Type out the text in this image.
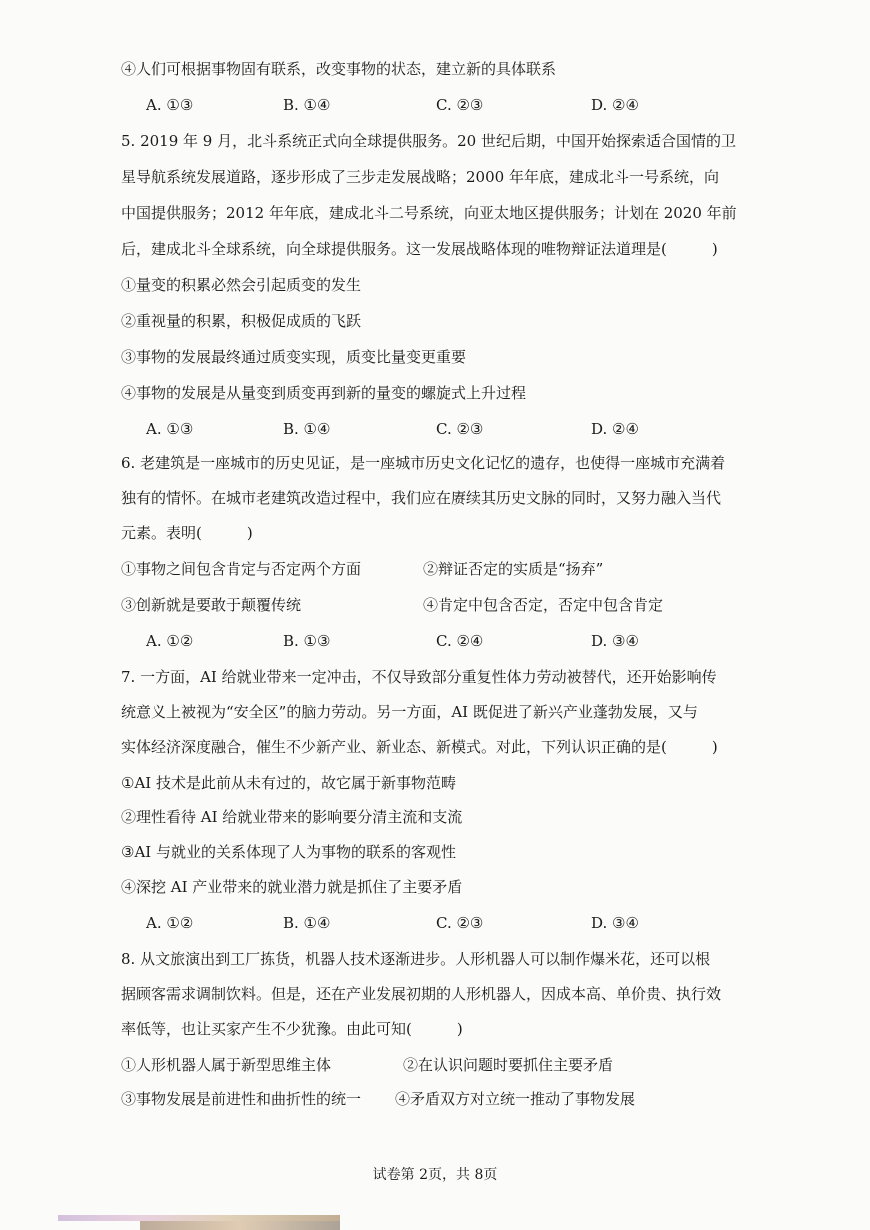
④人们可根据事物固有联系，改变事物的状态，建立新的具体联系
A. ①③	B. ①④	C. ②③	D. ②④
5. 2019 年 9 月，北斗系统正式向全球提供服务。20 世纪后期，中国开始探索适合国情的卫
星导航系统发展道路，逐步形成了三步走发展战略；2000 年年底，建成北斗一号系统，向
中国提供服务；2012 年年底，建成北斗二号系统，向亚太地区提供服务；计划在 2020 年前
后，建成北斗全球系统，向全球提供服务。这一发展战略体现的唯物辩证法道理是(　　　)
①量变的积累必然会引起质变的发生
②重视量的积累，积极促成质的飞跃
③事物的发展最终通过质变实现，质变比量变更重要
④事物的发展是从量变到质变再到新的量变的螺旋式上升过程
A. ①③	B. ①④	C. ②③	D. ②④
6. 老建筑是一座城市的历史见证，是一座城市历史文化记忆的遗存，也使得一座城市充满着
独有的情怀。在城市老建筑改造过程中，我们应在赓续其历史文脉的同时，又努力融入当代
元素。表明(　　　)
①事物之间包含肯定与否定两个方面	②辩证否定的实质是“扬弃”
③创新就是要敢于颠覆传统	④肯定中包含否定，否定中包含肯定
A. ①②	B. ①③	C. ②④	D. ③④
7. 一方面，AI 给就业带来一定冲击，不仅导致部分重复性体力劳动被替代，还开始影响传
统意义上被视为“安全区”的脑力劳动。另一方面，AI 既促进了新兴产业蓬勃发展，又与
实体经济深度融合，催生不少新产业、新业态、新模式。对此，下列认识正确的是(　　　)
①AI 技术是此前从未有过的，故它属于新事物范畴
②理性看待 AI 给就业带来的影响要分清主流和支流
③AI 与就业的关系体现了人为事物的联系的客观性
④深挖 AI 产业带来的就业潜力就是抓住了主要矛盾
A. ①②	B. ①④	C. ②③	D. ③④
8. 从文旅演出到工厂拣货，机器人技术逐渐进步。人形机器人可以制作爆米花，还可以根
据顾客需求调制饮料。但是，还在产业发展初期的人形机器人，因成本高、单价贵、执行效
率低等，也让买家产生不少犹豫。由此可知(　　　)
①人形机器人属于新型思维主体	②在认识问题时要抓住主要矛盾
③事物发展是前进性和曲折性的统一 ④矛盾双方对立统一推动了事物发展
试卷第 2页，共 8页
